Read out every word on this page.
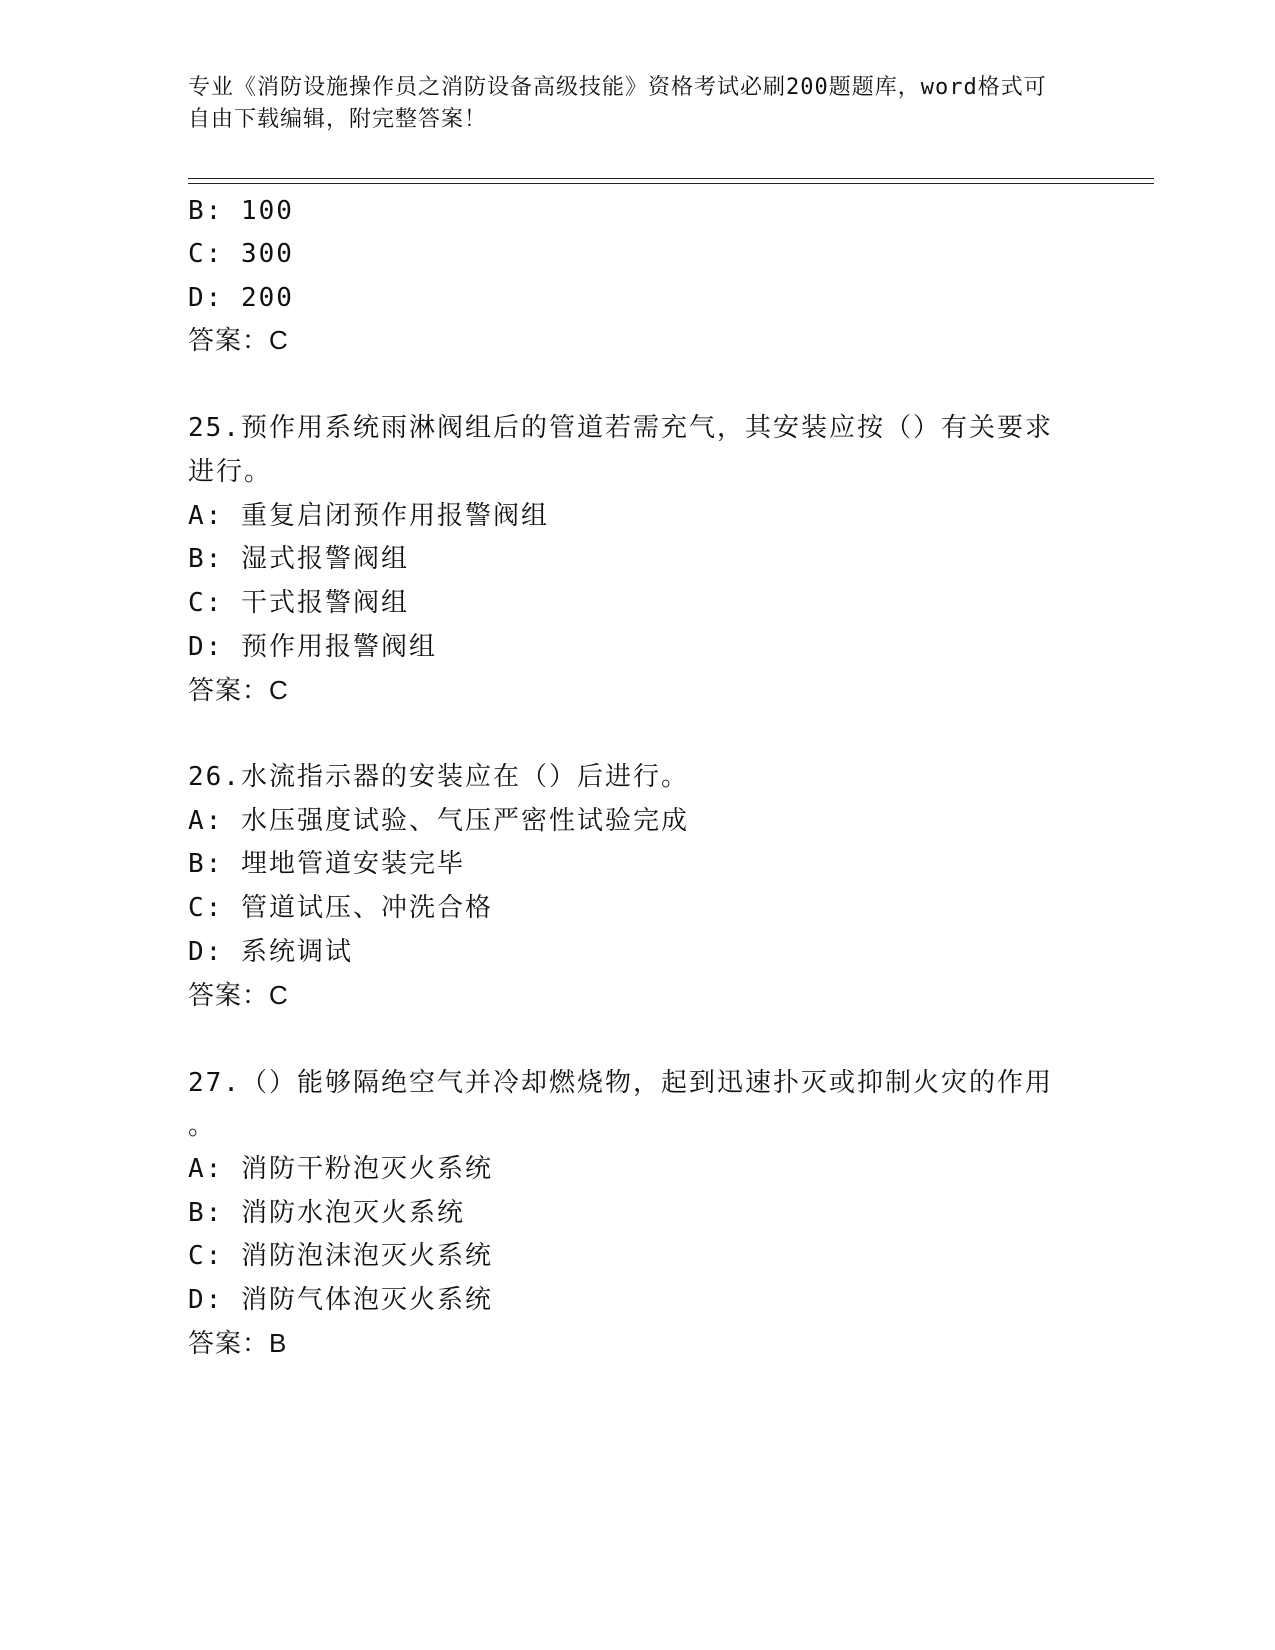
专业《消防设施操作员之消防设备高级技能》资格考试必刷200题题库，word格式可自由下载编辑，附完整答案！
B: 100
C: 300
D: 200
答案：C
25.预作用系统雨淋阀组后的管道若需充气，其安装应按（）有关要求
进行。
A: 重复启闭预作用报警阀组
B: 湿式报警阀组
C: 干式报警阀组
D: 预作用报警阀组
答案：C
26.水流指示器的安装应在（）后进行。
A: 水压强度试验、气压严密性试验完成
B: 埋地管道安装完毕
C: 管道试压、冲洗合格
D: 系统调试
答案：C
27.（）能够隔绝空气并冷却燃烧物，起到迅速扑灭或抑制火灾的作用
。
A: 消防干粉泡灭火系统
B: 消防水泡灭火系统
C: 消防泡沫泡灭火系统
D: 消防气体泡灭火系统
答案：B
